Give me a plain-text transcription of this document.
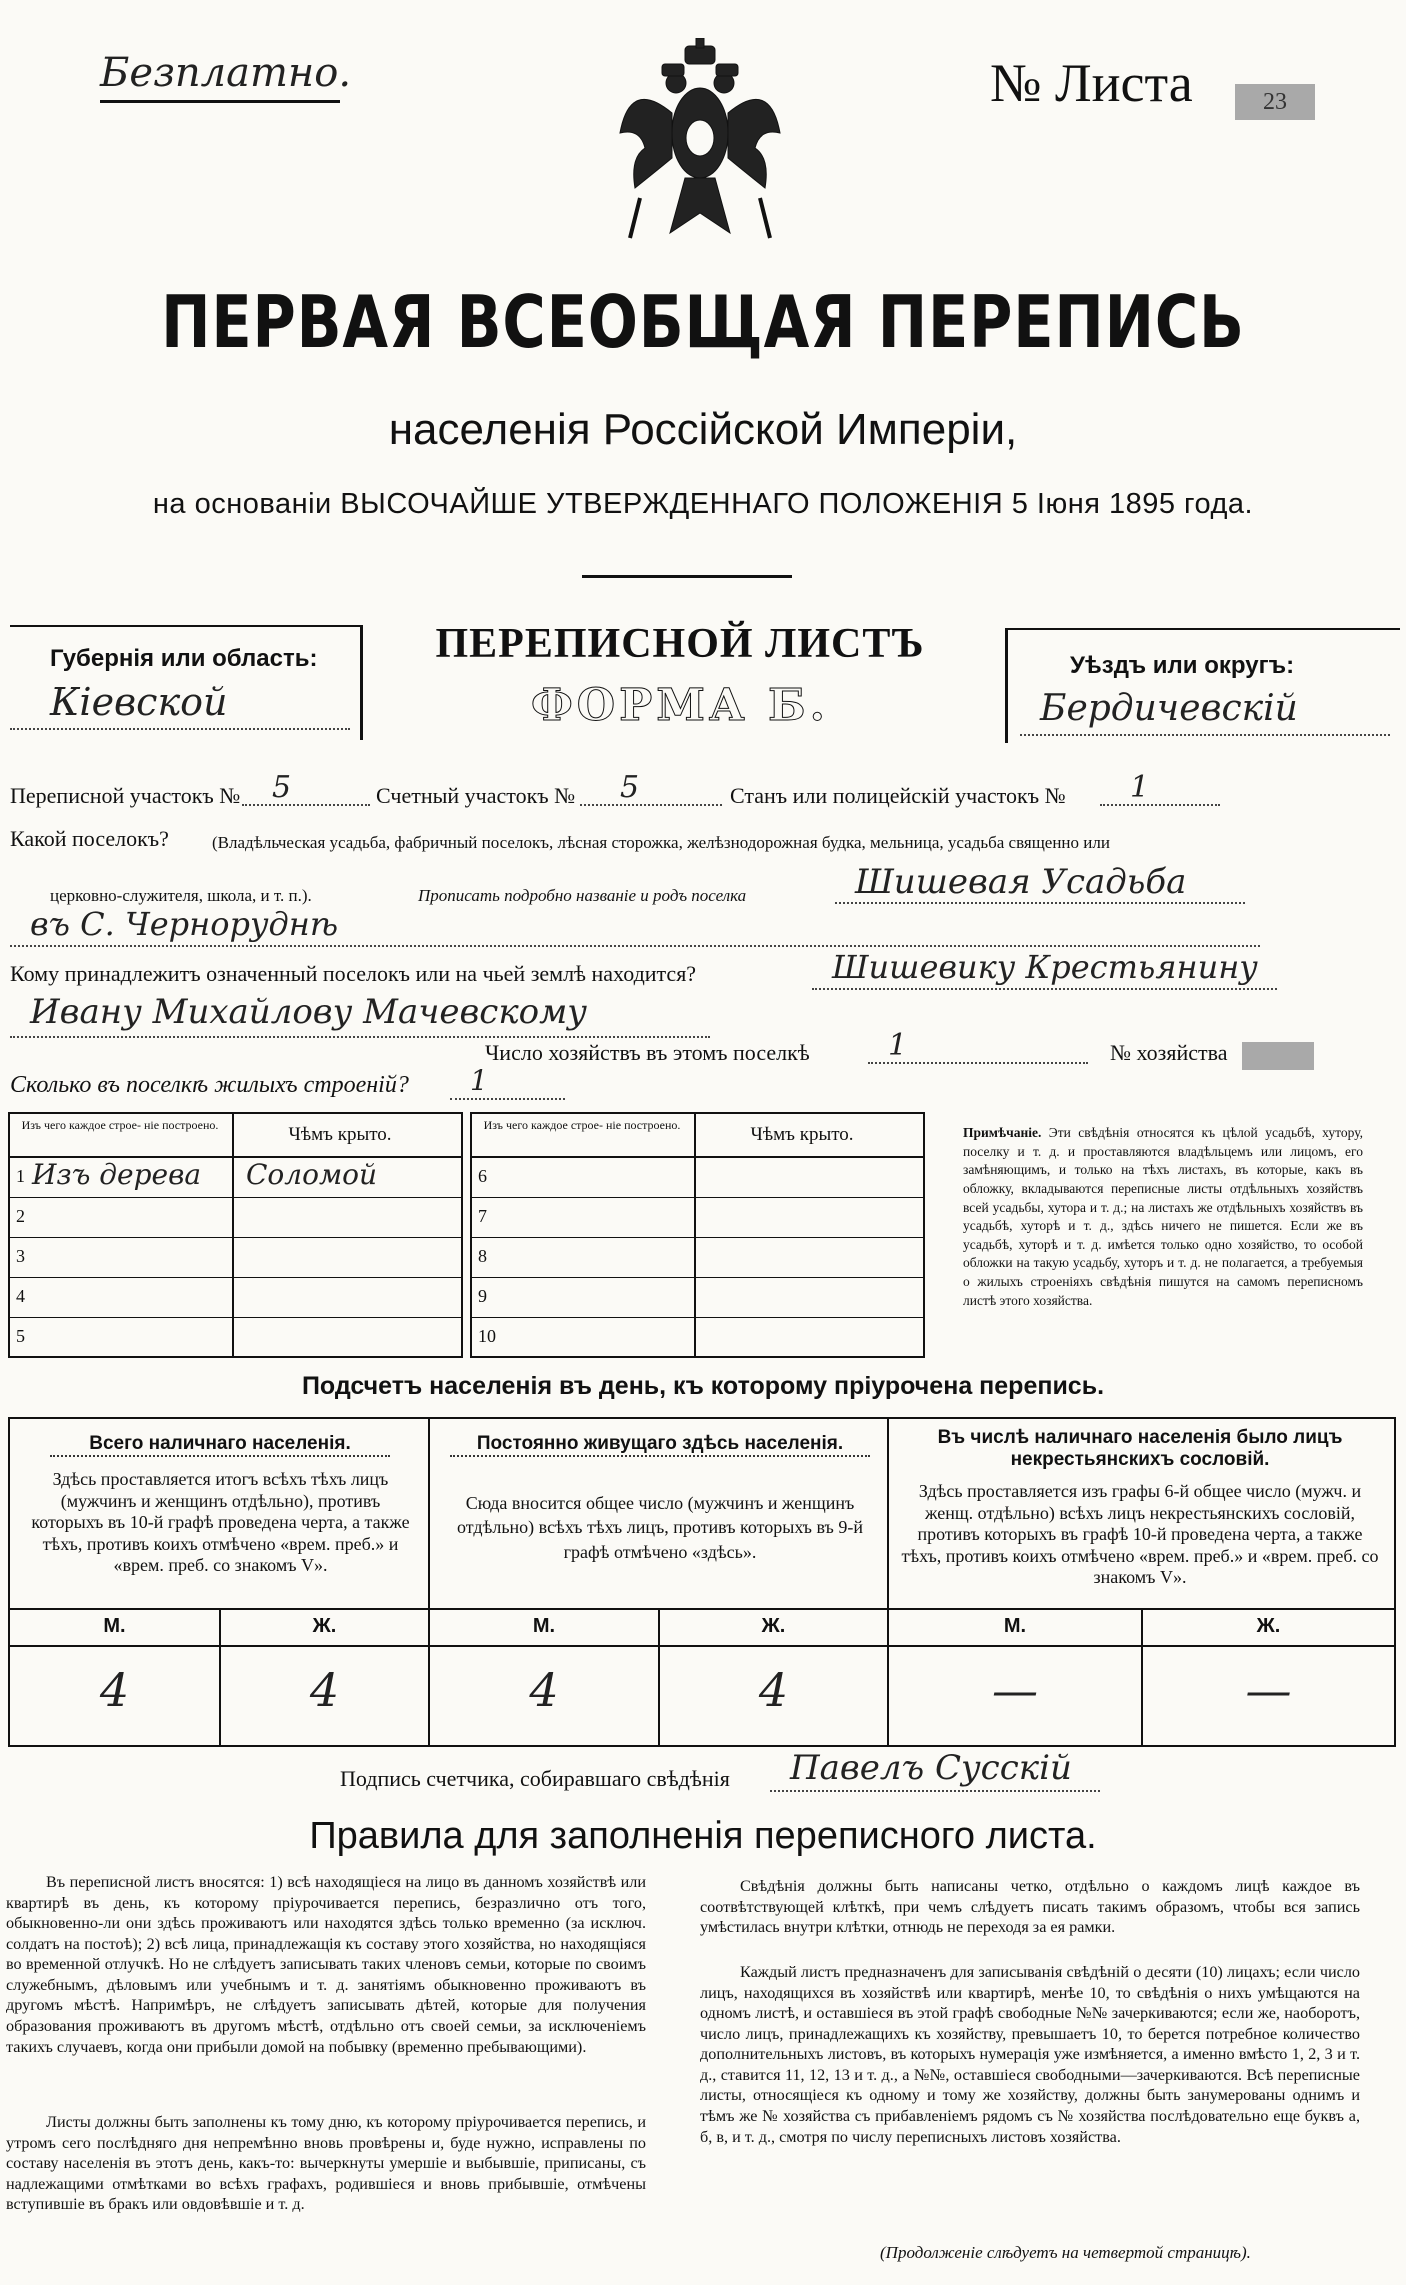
Безплатно.	№ Листа	23
ПЕРВАЯ ВСЕОБЩАЯ ПЕРЕПИСЬ
населенія Россійской Имперіи,
на основаніи ВЫСОЧАЙШЕ УТВЕРЖДЕННАГО ПОЛОЖЕНІЯ 5 Іюня 1895 года.
Губернія или область:
Кіевской
ПЕРЕПИСНОЙ ЛИСТЪ
ФОРМА Б.
Уѣздъ или округъ:
Бердичевскій
Переписной участокъ №	5	Счетный участокъ №	5	Станъ или полицейскій участокъ №	1
Какой поселокъ?	(Владѣльческая усадьба, фабричный поселокъ, лѣсная сторожка, желѣзнодорожная будка, мельница, усадьба священно или
церковно-служителя, школа, и т. п.).	Прописать подробно названіе и родъ поселка	Шишевая Усадьба
въ С. Черноруднѣ
Кому принадлежитъ означенный поселокъ или на чьей землѣ находится?	Шишевику Крестьянину
Ивану Михайлову Мачевскому
Число хозяйствъ въ этомъ поселкѣ	1	№ хозяйства
Сколько въ поселкѣ жилыхъ строеній?	1
Изъ чего каждое строе- ніе построено.	Чѣмъ крыто.
1 Изъ дерева Соломой
2
3
4
5
Изъ чего каждое строе- ніе построено.	Чѣмъ крыто.
6
7
8
9
10
Примѣчаніе. Эти свѣдѣнія относятся къ цѣлой усадьбѣ, хутору, поселку и т. д. и проставляются владѣльцемъ или лицомъ, его замѣняющимъ, и только на тѣхъ листахъ, въ которые, какъ въ обложку, вкладываются переписные листы отдѣльныхъ хозяйствъ всей усадьбы, хутора и т. д.; на листахъ же отдѣльныхъ хозяйствъ въ усадьбѣ, хуторѣ и т. д., здѣсь ничего не пишется. Если же въ усадьбѣ, хуторѣ и т. д. имѣется только одно хозяйство, то особой обложки на такую усадьбу, хуторъ и т. д. не полагается, а требуемыя о жилыхъ строеніяхъ свѣдѣнія пишутся на самомъ переписномъ листѣ этого хозяйства.
Подсчетъ населенія въ день, къ которому пріурочена перепись.
Всего наличнаго населенія.
Здѣсь проставляется итогъ всѣхъ тѣхъ лицъ (мужчинъ и женщинъ отдѣльно), противъ которыхъ въ 10-й графѣ проведена черта, а также тѣхъ, противъ коихъ отмѣчено «врем. преб.» и «врем. преб. со знакомъ V».
Постоянно живущаго здѣсь населенія.
Сюда вносится общее число (мужчинъ и женщинъ отдѣльно) всѣхъ тѣхъ лицъ, противъ которыхъ въ 9-й графѣ отмѣчено «здѣсь».
Въ числѣ наличнаго населенія было лицъ некрестьянскихъ сословій.
Здѣсь проставляется изъ графы 6-й общее число (мужч. и женщ. отдѣльно) всѣхъ лицъ некрестьянскихъ сословій, противъ которыхъ въ графѣ 10-й проведена черта, а также тѣхъ, противъ коихъ отмѣчено «врем. преб.» и «врем. преб. со знакомъ V».
М.	Ж.	М.	Ж.	М.	Ж.
4	4	4	4	—	—
Подпись счетчика, собиравшаго свѣдѣнія	Павелъ Сусскій
Правила для заполненія переписного листа.
Въ переписной листъ вносятся: 1) всѣ находящіеся на лицо въ данномъ хозяйствѣ или квартирѣ въ день, къ которому пріурочивается перепись, безразлично отъ того, обыкновенно-ли они здѣсь проживаютъ или находятся здѣсь только временно (за исключ. солдатъ на постоѣ); 2) всѣ лица, принадлежащія къ составу этого хозяйства, но находящіяся во временной отлучкѣ. Но не слѣдуетъ записывать таких членовъ семьи, которые по своимъ служебнымъ, дѣловымъ или учебнымъ и т. д. занятіямъ обыкновенно проживаютъ въ другомъ мѣстѣ. Напримѣръ, не слѣдуетъ записывать дѣтей, которые для получения образования проживаютъ въ другомъ мѣстѣ, отдѣльно отъ своей семьи, за исключеніемъ такихъ случаевъ, когда они прибыли домой на побывку (временно пребывающими).
Листы должны быть заполнены къ тому дню, къ которому пріурочивается перепись, и утромъ сего послѣдняго дня непремѣнно вновь провѣрены и, буде нужно, исправлены по составу населенія въ этотъ день, какъ-то: вычеркнуты умершіе и выбывшіе, приписаны, съ надлежащими отмѣтками во всѣхъ графахъ, родившіеся и вновь прибывшіе, отмѣчены вступившіе въ бракъ или овдовѣвшіе и т. д.
Свѣдѣнія должны быть написаны четко, отдѣльно о каждомъ лицѣ каждое въ соотвѣтствующей клѣткѣ, при чемъ слѣдуетъ писать такимъ образомъ, чтобы вся запись умѣстилась внутри клѣтки, отнюдь не переходя за ея рамки.
Каждый листъ предназначенъ для записыванія свѣдѣній о десяти (10) лицахъ; если число лицъ, находящихся въ хозяйствѣ или квартирѣ, менѣе 10, то свѣдѣнія о нихъ умѣщаются на одномъ листѣ, и оставшіеся въ этой графѣ свободные №№ зачеркиваются; если же, наоборотъ, число лицъ, принадлежащихъ къ хозяйству, превышаетъ 10, то берется потребное количество дополнительныхъ листовъ, въ которыхъ нумерація уже измѣняется, а именно вмѣсто 1, 2, 3 и т. д., ставится 11, 12, 13 и т. д., а №№, оставшіеся свободными—зачеркиваются. Всѣ переписные листы, относящіеся къ одному и тому же хозяйству, должны быть занумерованы однимъ и тѣмъ же № хозяйства съ прибавленіемъ рядомъ съ № хозяйства послѣдовательно еще буквъ а, б, в, и т. д., смотря по числу переписныхъ листовъ хозяйства.
(Продолженіе слѣдуетъ на четвертой страницѣ).
